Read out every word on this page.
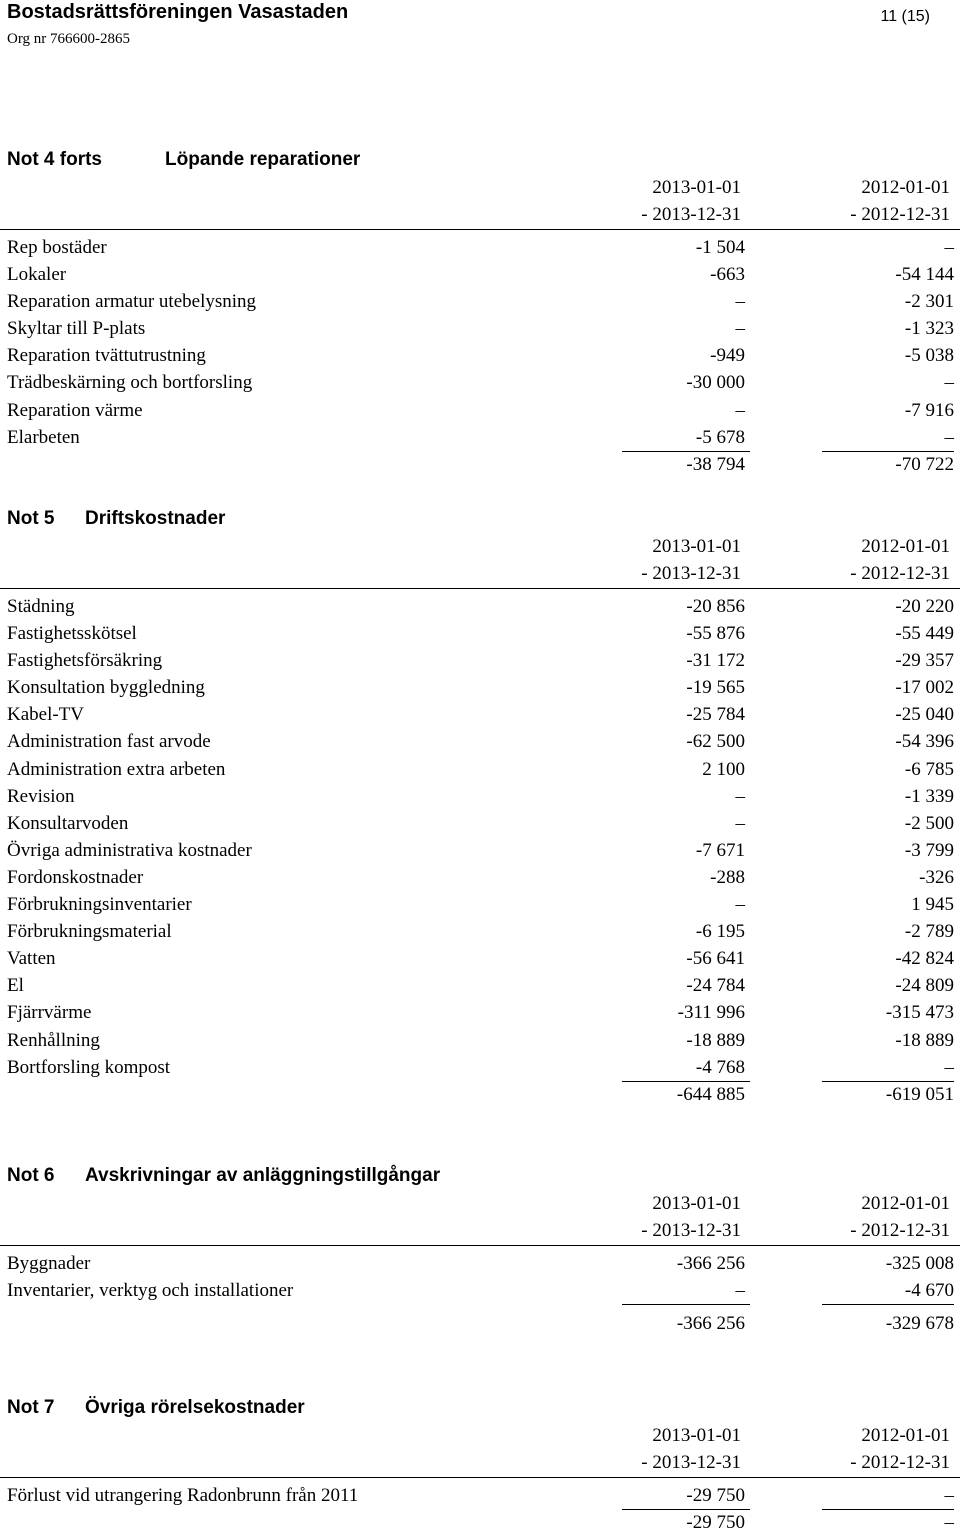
Bostadsrättsföreningen Vasastaden
Org nr 766600-2865
11 (15)
Not 4 forts	Löpande reparationer
2013-01-01
- 2013-12-31
2012-01-01
- 2012-12-31
Rep bostäder	-1 504	–
Lokaler	-663	-54 144
Reparation armatur utebelysning	–	-2 301
Skyltar till P-plats	–	-1 323
Reparation tvättutrustning	-949	-5 038
Trädbeskärning och bortforsling	-30 000	–
Reparation värme	–	-7 916
Elarbeten	-5 678	–
-38 794	-70 722
Not 5 Driftskostnader
2013-01-01
- 2013-12-31
2012-01-01
- 2012-12-31
Städning	-20 856	-20 220
Fastighetsskötsel	-55 876	-55 449
Fastighetsförsäkring	-31 172	-29 357
Konsultation byggledning	-19 565	-17 002
Kabel-TV	-25 784	-25 040
Administration fast arvode	-62 500	-54 396
Administration extra arbeten	2 100	-6 785
Revision	–	-1 339
Konsultarvoden	–	-2 500
Övriga administrativa kostnader	-7 671	-3 799
Fordonskostnader	-288	-326
Förbrukningsinventarier	–	1 945
Förbrukningsmaterial	-6 195	-2 789
Vatten	-56 641	-42 824
El	-24 784	-24 809
Fjärrvärme	-311 996	-315 473
Renhållning	-18 889	-18 889
Bortforsling kompost	-4 768	–
-644 885	-619 051
Not 6 Avskrivningar av anläggningstillgångar
2013-01-01
- 2013-12-31
2012-01-01
- 2012-12-31
Byggnader	-366 256	-325 008
Inventarier, verktyg och installationer	–	-4 670
-366 256	-329 678
Not 7 Övriga rörelsekostnader
2013-01-01
- 2013-12-31
2012-01-01
- 2012-12-31
Förlust vid utrangering Radonbrunn från 2011	-29 750	–
-29 750	–
